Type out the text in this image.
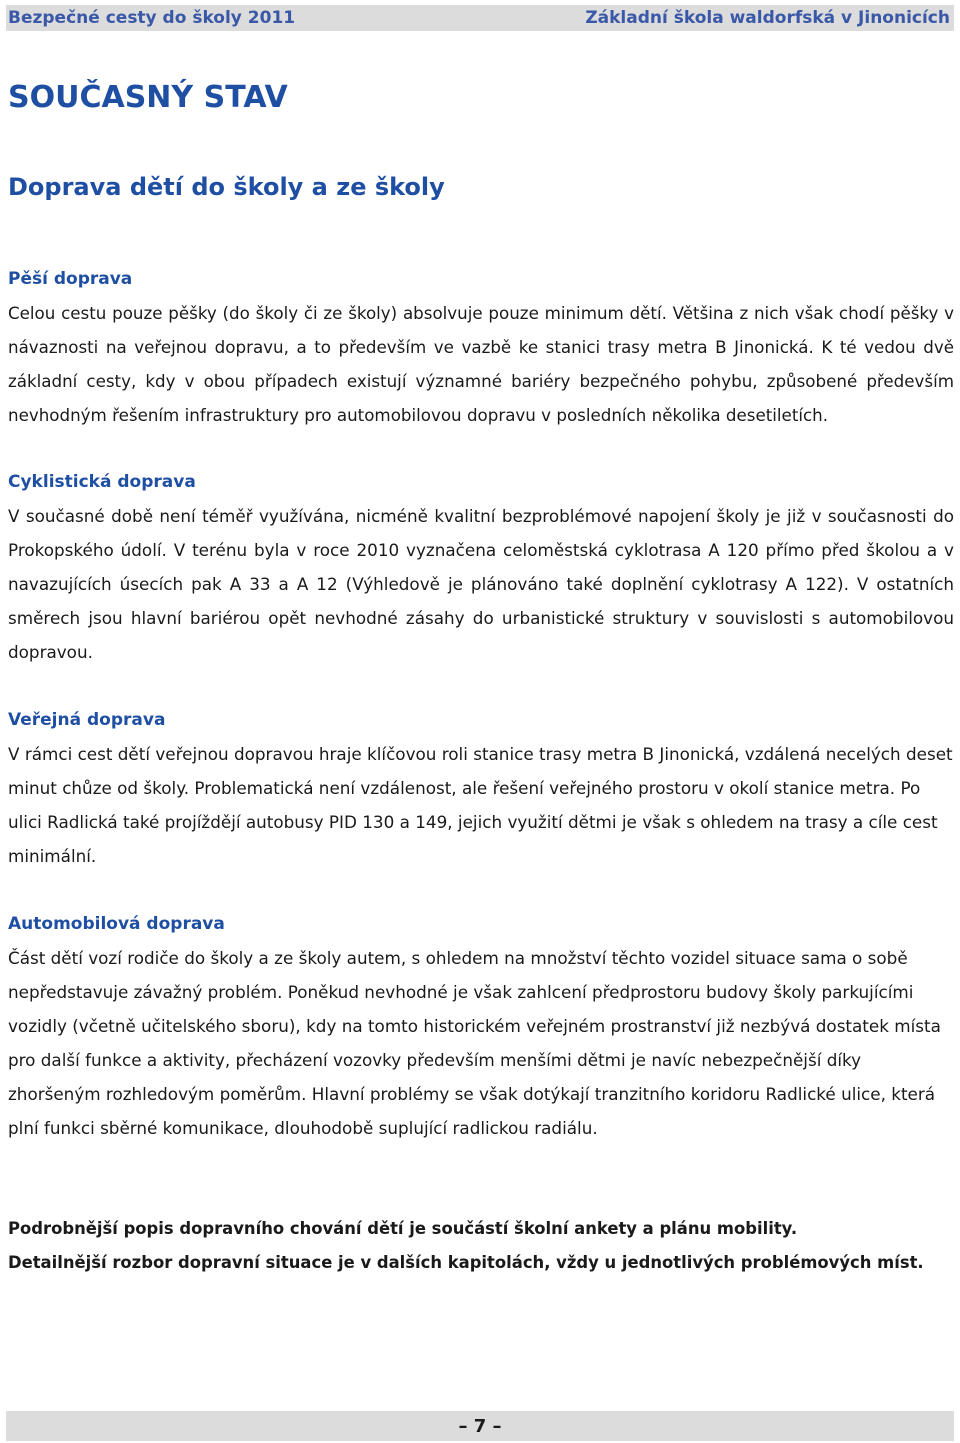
Bezpečné cesty do školy 2011	Základní škola waldorfská v Jinonicích
SOUČASNÝ STAV
Doprava dětí do školy a ze školy
Pěší doprava

Celou cestu pouze pěšky (do školy či ze školy) absolvuje pouze minimum dětí. Většina z nich však chodí pěšky v návaznosti na veřejnou dopravu, a to především ve vazbě ke stanici trasy metra B Jinonická. K té vedou dvě základní cesty, kdy v obou případech existují významné bariéry bezpečného pohybu, způsobené především nevhodným řešením infrastruktury pro automobilovou dopravu v posledních několika desetiletích.

Cyklistická doprava

V současné době není téměř využívána, nicméně kvalitní bezproblémové napojení školy je již v současnosti do Prokopského údolí. V terénu byla v roce 2010 vyznačena celoměstská cyklotrasa A 120 přímo před školou a v navazujících úsecích pak A 33 a A 12 (Výhledově je plánováno také doplnění cyklotrasy A 122). V ostatních směrech jsou hlavní bariérou opět nevhodné zásahy do urbanistické struktury v souvislosti s automobilovou dopravou.

Veřejná doprava

V rámci cest dětí veřejnou dopravou hraje klíčovou roli stanice trasy metra B Jinonická, vzdálená necelých deset minut chůze od školy. Problematická není vzdálenost, ale řešení veřejného prostoru v okolí stanice metra. Po ulici Radlická také projíždějí autobusy PID 130 a 149, jejich využití dětmi je však s ohledem na trasy a cíle cest minimální.

Automobilová doprava

Část dětí vozí rodiče do školy a ze školy autem, s ohledem na množství těchto vozidel situace sama o sobě nepředstavuje závažný problém. Poněkud nevhodné je však zahlcení předprostoru budovy školy parkujícími vozidly (včetně učitelského sboru), kdy na tomto historickém veřejném prostranství již nezbývá dostatek místa pro další funkce a aktivity, přecházení vozovky především menšími dětmi je navíc nebezpečnější díky zhoršeným rozhledovým poměrům. Hlavní problémy se však dotýkají tranzitního koridoru Radlické ulice, která plní funkci sběrné komunikace, dlouhodobě suplující radlickou radiálu.

Podrobnější popis dopravního chování dětí je součástí školní ankety a plánu mobility.
Detailnější rozbor dopravní situace je v dalších kapitolách, vždy u jednotlivých problémových míst.
– 7 –
